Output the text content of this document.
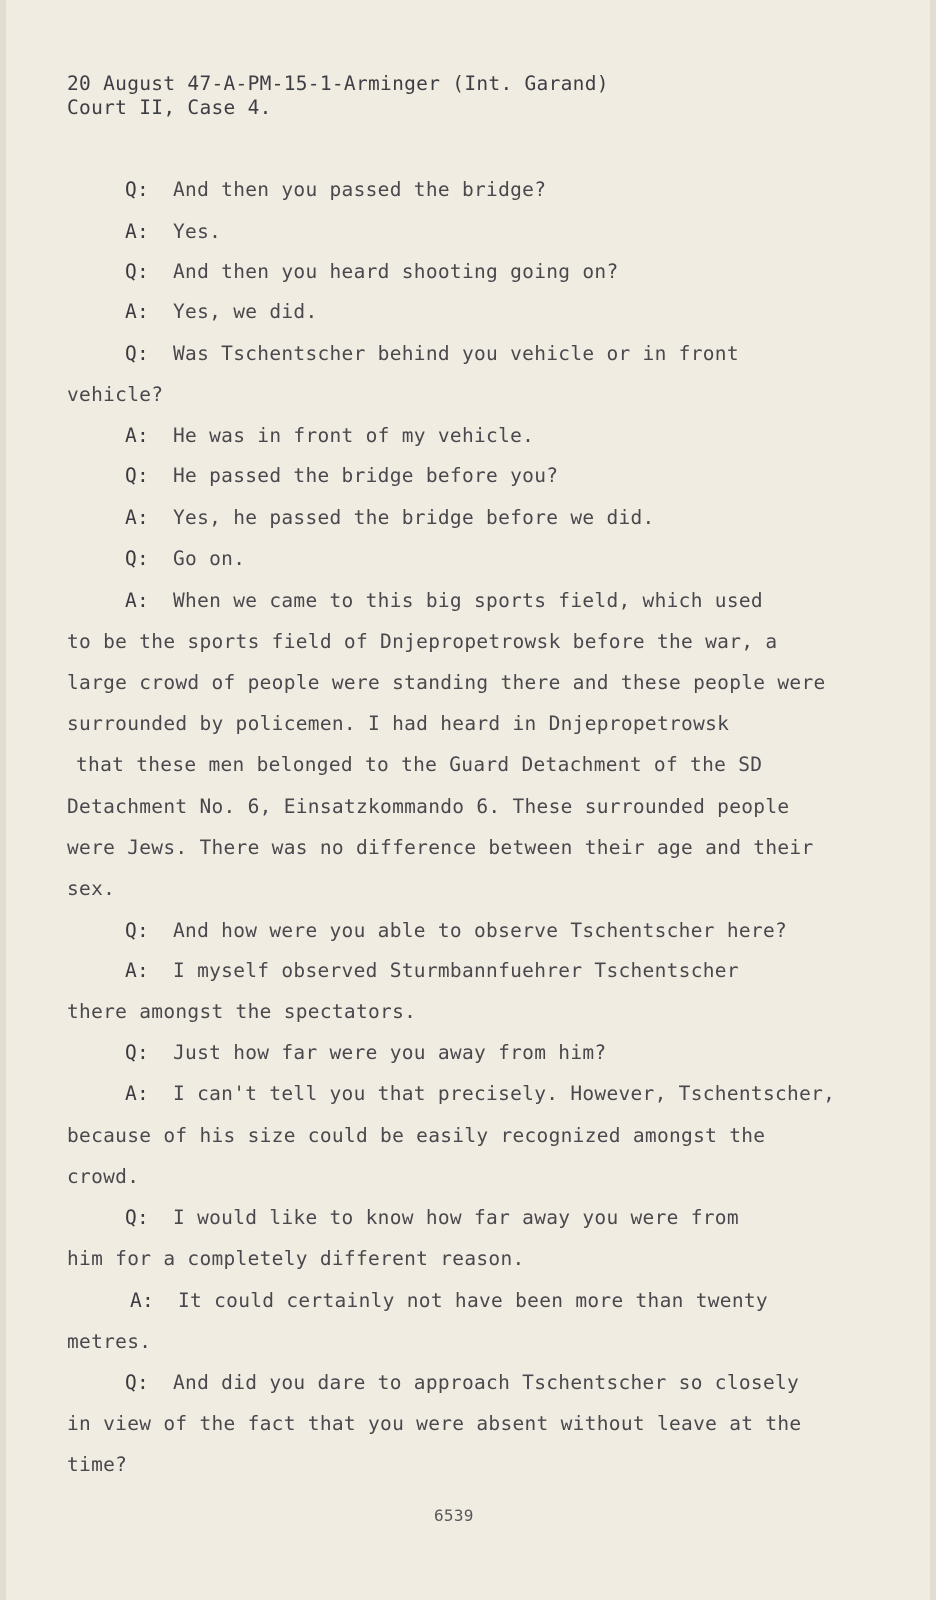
20 August 47-A-PM-15-1-Arminger (Int. Garand)
Court II, Case 4.
Q: And then you passed the bridge?
A: Yes.
Q: And then you heard shooting going on?
A: Yes, we did.
Q: Was Tschentscher behind you vehicle or in front
vehicle?
A: He was in front of my vehicle.
Q: He passed the bridge before you?
A: Yes, he passed the bridge before we did.
Q: Go on.
A: When we came to this big sports field, which used
to be the sports field of Dnjepropetrowsk before the war, a
large crowd of people were standing there and these people were
surrounded by policemen. I had heard in Dnjepropetrowsk
that these men belonged to the Guard Detachment of the SD
Detachment No. 6, Einsatzkommando 6. These surrounded people
were Jews. There was no difference between their age and their
sex.
Q: And how were you able to observe Tschentscher here?
A: I myself observed Sturmbannfuehrer Tschentscher
there amongst the spectators.
Q: Just how far were you away from him?
A: I can't tell you that precisely. However, Tschentscher,
because of his size could be easily recognized amongst the
crowd.
Q: I would like to know how far away you were from
him for a completely different reason.
A: It could certainly not have been more than twenty
metres.
Q: And did you dare to approach Tschentscher so closely
in view of the fact that you were absent without leave at the
time?
6539
